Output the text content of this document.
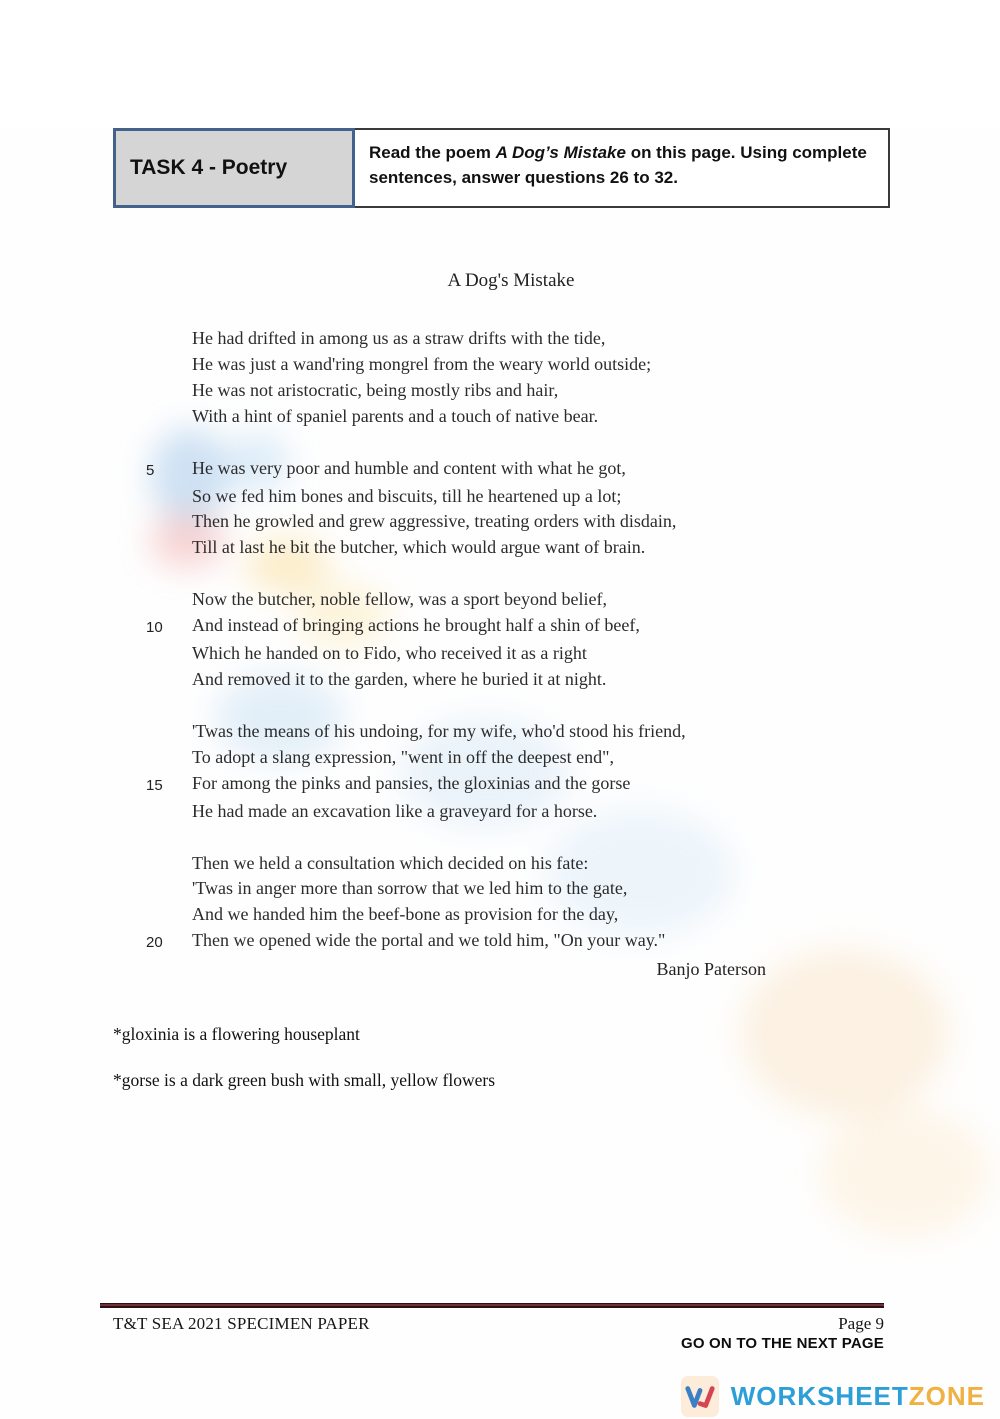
TASK 4 - Poetry
Read the poem A Dog’s Mistake on this page. Using complete sentences, answer questions 26 to 32.
A Dog's Mistake
He had drifted in among us as a straw drifts with the tide,
He was just a wand'ring mongrel from the weary world outside;
He was not aristocratic, being mostly ribs and hair,
With a hint of spaniel parents and a touch of native bear.
5	He was very poor and humble and content with what he got,
So we fed him bones and biscuits, till he heartened up a lot;
Then he growled and grew aggressive, treating orders with disdain,
Till at last he bit the butcher, which would argue want of brain.
Now the butcher, noble fellow, was a sport beyond belief,
10	And instead of bringing actions he brought half a shin of beef,
Which he handed on to Fido, who received it as a right
And removed it to the garden, where he buried it at night.
'Twas the means of his undoing, for my wife, who'd stood his friend,
To adopt a slang expression, "went in off the deepest end",
15	For among the pinks and pansies, the gloxinias and the gorse
He had made an excavation like a graveyard for a horse.
Then we held a consultation which decided on his fate:
'Twas in anger more than sorrow that we led him to the gate,
And we handed him the beef-bone as provision for the day,
20	Then we opened wide the portal and we told him, "On your way."
Banjo Paterson
*gloxinia is a flowering houseplant
*gorse is a dark green bush with small, yellow flowers
T&T SEA 2021 SPECIMEN PAPER	Page 9
GO ON TO THE NEXT PAGE
WORKSHEETZONE
